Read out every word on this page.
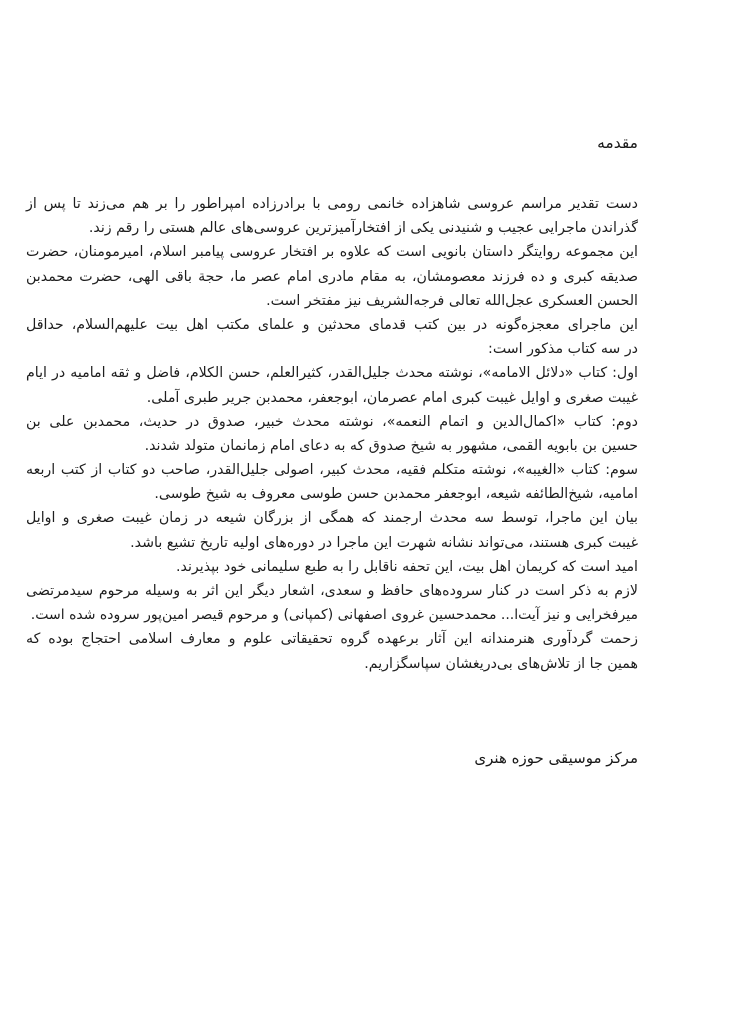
مقدمه
دست تقدیر مراسم عروسی شاهزاده خانمی رومی با برادرزاده امپراطور را بر هم می‌زند تا پس از
گذراندن ماجرایی عجیب و شنیدنی یکی از افتخارآمیزترین عروسی‌های عالم هستی را رقم زند.
این مجموعه روایتگر داستان بانویی است که علاوه بر افتخار عروسی پیامبر اسلام، امیرمومنان، حضرت
صدیقه کبری و ده فرزند معصومشان، به مقام مادری امام عصر ما، حجة باقی الهی، حضرت محمدبن
الحسن العسکری عجل‌الله تعالی فرجه‌الشریف نیز مفتخر است.
این ماجرای معجزه‌گونه در بین کتب قدمای محدثین و علمای مکتب اهل بیت علیهم‌السلام، حداقل
در سه کتاب مذکور است:
اول: کتاب «دلائل الامامه»، نوشته محدث جلیل‌القدر، کثیرالعلم، حسن الکلام، فاضل و ثقه امامیه در ایام
غیبت صغری و اوایل غیبت کبری امام عصرمان، ابوجعفر، محمدبن جریر طبری آملی.
دوم: کتاب «اکمال‌الدین و اتمام النعمه»، نوشته محدث خبیر، صدوق در حدیث، محمدبن علی بن
حسین بن بابویه القمی، مشهور به شیخ صدوق که به دعای امام زمانمان متولد شدند.
سوم: کتاب «الغیبه»، نوشته متکلم فقیه، محدث کبیر، اصولی جلیل‌القدر، صاحب دو کتاب از کتب اربعه
امامیه، شیخ‌الطائفه شیعه، ابوجعفر محمدبن حسن طوسی معروف به شیخ طوسی.
بیان این ماجرا، توسط سه محدث ارجمند که همگی از بزرگان شیعه در زمان غیبت صغری و اوایل
غیبت کبری هستند، می‌تواند نشانه شهرت این ماجرا در دوره‌های اولیه تاریخ تشیع باشد.
امید است که کریمان اهل بیت، این تحفه ناقابل را به طبع سلیمانی خود بپذیرند.
لازم به ذکر است در کنار سروده‌های حافظ و سعدی، اشعار دیگر این اثر به وسیله مرحوم سیدمرتضی
میرفخرایی و نیز آیت‌ا... محمدحسین غروی اصفهانی (کمپانی) و مرحوم قیصر امین‌پور سروده شده است.
زحمت گردآوری هنرمندانه این آثار برعهده گروه تحقیقاتی علوم و معارف اسلامی احتجاج بوده که
همین جا از تلاش‌های بی‌دریغشان سپاسگزاریم.

مرکز موسیقی حوزه هنری
